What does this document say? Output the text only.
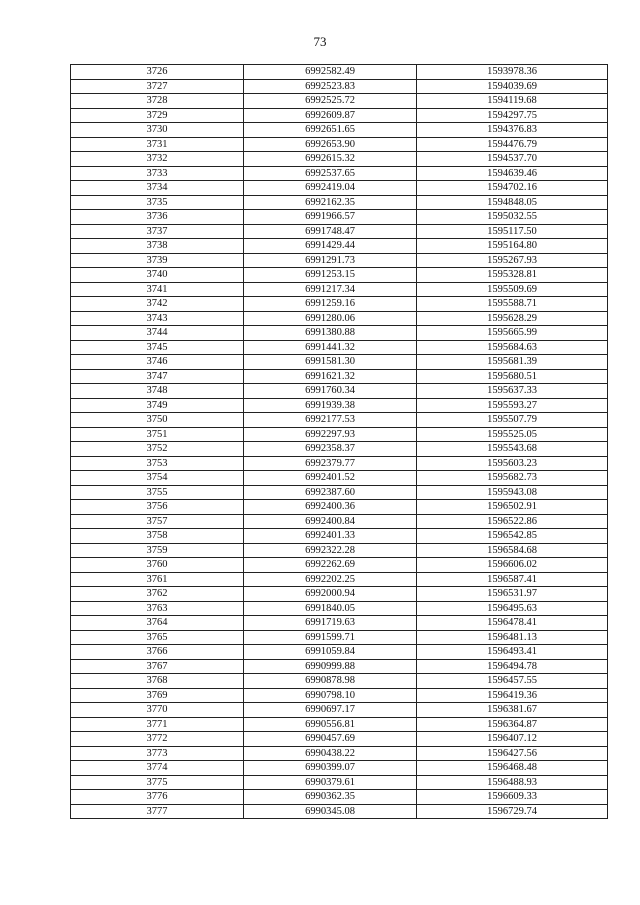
73
3726	6992582.49	1593978.36
3727	6992523.83	1594039.69
3728	6992525.72	1594119.68
3729	6992609.87	1594297.75
3730	6992651.65	1594376.83
3731	6992653.90	1594476.79
3732	6992615.32	1594537.70
3733	6992537.65	1594639.46
3734	6992419.04	1594702.16
3735	6992162.35	1594848.05
3736	6991966.57	1595032.55
3737	6991748.47	1595117.50
3738	6991429.44	1595164.80
3739	6991291.73	1595267.93
3740	6991253.15	1595328.81
3741	6991217.34	1595509.69
3742	6991259.16	1595588.71
3743	6991280.06	1595628.29
3744	6991380.88	1595665.99
3745	6991441.32	1595684.63
3746	6991581.30	1595681.39
3747	6991621.32	1595680.51
3748	6991760.34	1595637.33
3749	6991939.38	1595593.27
3750	6992177.53	1595507.79
3751	6992297.93	1595525.05
3752	6992358.37	1595543.68
3753	6992379.77	1595603.23
3754	6992401.52	1595682.73
3755	6992387.60	1595943.08
3756	6992400.36	1596502.91
3757	6992400.84	1596522.86
3758	6992401.33	1596542.85
3759	6992322.28	1596584.68
3760	6992262.69	1596606.02
3761	6992202.25	1596587.41
3762	6992000.94	1596531.97
3763	6991840.05	1596495.63
3764	6991719.63	1596478.41
3765	6991599.71	1596481.13
3766	6991059.84	1596493.41
3767	6990999.88	1596494.78
3768	6990878.98	1596457.55
3769	6990798.10	1596419.36
3770	6990697.17	1596381.67
3771	6990556.81	1596364.87
3772	6990457.69	1596407.12
3773	6990438.22	1596427.56
3774	6990399.07	1596468.48
3775	6990379.61	1596488.93
3776	6990362.35	1596609.33
3777	6990345.08	1596729.74
